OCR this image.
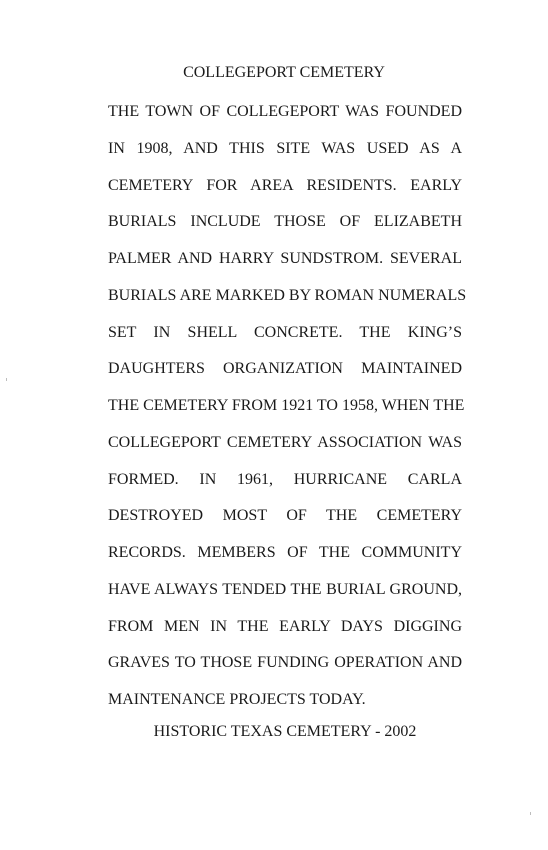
COLLEGEPORT CEMETERY
THE TOWN OF COLLEGEPORT WAS FOUNDED
IN 1908, AND THIS SITE WAS USED AS A
CEMETERY FOR AREA RESIDENTS. EARLY
BURIALS INCLUDE THOSE OF ELIZABETH
PALMER AND HARRY SUNDSTROM. SEVERAL
BURIALS ARE MARKED BY ROMAN NUMERALS
SET IN SHELL CONCRETE. THE KING’S
DAUGHTERS ORGANIZATION MAINTAINED
THE CEMETERY FROM 1921 TO 1958, WHEN THE
COLLEGEPORT CEMETERY ASSOCIATION WAS
FORMED. IN 1961, HURRICANE CARLA
DESTROYED MOST OF THE CEMETERY
RECORDS. MEMBERS OF THE COMMUNITY
HAVE ALWAYS TENDED THE BURIAL GROUND,
FROM MEN IN THE EARLY DAYS DIGGING
GRAVES TO THOSE FUNDING OPERATION AND
MAINTENANCE PROJECTS TODAY.
HISTORIC TEXAS CEMETERY - 2002
